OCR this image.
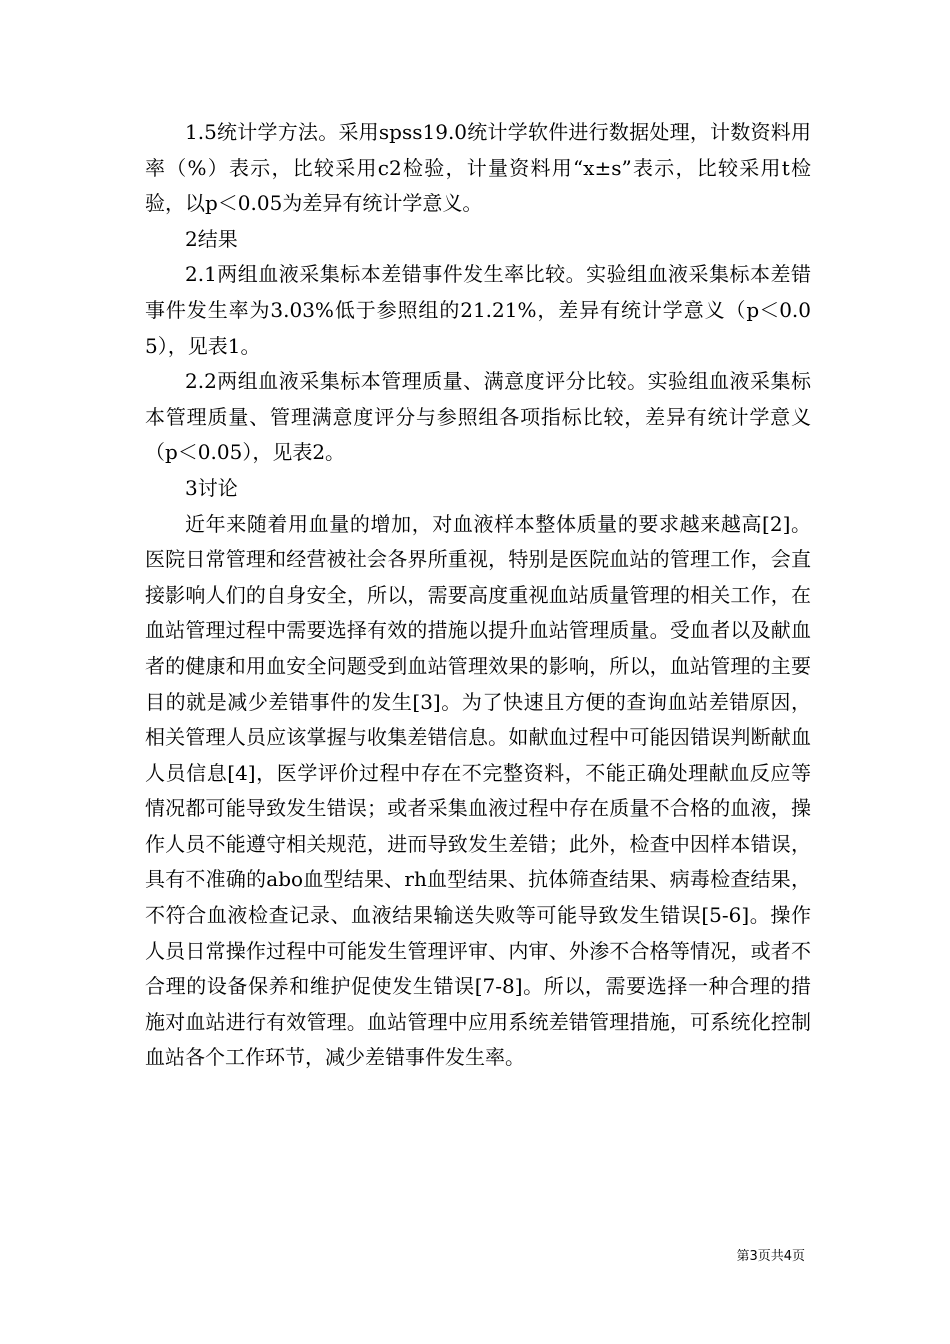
1.5统计学方法。采用spss19.0统计学软件进行数据处理，计数资料用率（%）表示，比较采用c2检验，计量资料用“x±s”表示，比较采用t检验，以p＜0.05为差异有统计学意义。

2结果

2.1两组血液采集标本差错事件发生率比较。实验组血液采集标本差错事件发生率为3.03%低于参照组的21.21%，差异有统计学意义（p＜0.05），见表1。

2.2两组血液采集标本管理质量、满意度评分比较。实验组血液采集标本管理质量、管理满意度评分与参照组各项指标比较，差异有统计学意义（p＜0.05），见表2。

3讨论

近年来随着用血量的增加，对血液样本整体质量的要求越来越高[2]。医院日常管理和经营被社会各界所重视，特别是医院血站的管理工作，会直接影响人们的自身安全，所以，需要高度重视血站质量管理的相关工作，在血站管理过程中需要选择有效的措施以提升血站管理质量。受血者以及献血者的健康和用血安全问题受到血站管理效果的影响，所以，血站管理的主要目的就是减少差错事件的发生[3]。为了快速且方便的查询血站差错原因，相关管理人员应该掌握与收集差错信息。如献血过程中可能因错误判断献血人员信息[4]，医学评价过程中存在不完整资料，不能正确处理献血反应等情况都可能导致发生错误；或者采集血液过程中存在质量不合格的血液，操作人员不能遵守相关规范，进而导致发生差错；此外，检查中因样本错误，具有不准确的abo血型结果、rh血型结果、抗体筛查结果、病毒检查结果，不符合血液检查记录、血液结果输送失败等可能导致发生错误[5-6]。操作人员日常操作过程中可能发生管理评审、内审、外渗不合格等情况，或者不合理的设备保养和维护促使发生错误[7-8]。所以，需要选择一种合理的措施对血站进行有效管理。血站管理中应用系统差错管理措施，可系统化控制血站各个工作环节，减少差错事件发生率。

第3页共4页
